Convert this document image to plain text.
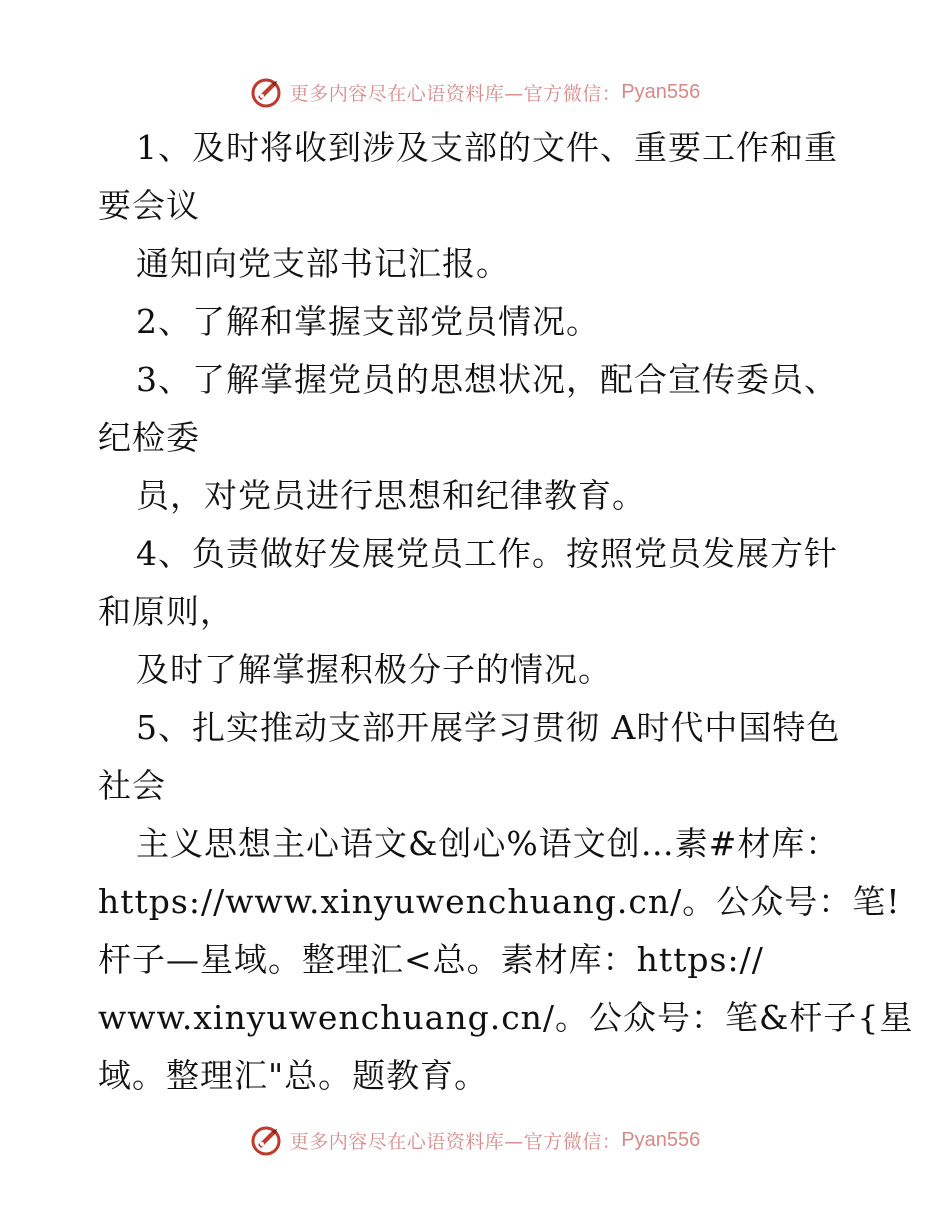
更多内容尽在心语资料库—官方微信： Pyan556
1、及时将收到涉及支部的文件、重要工作和重
要会议
通知向党支部书记汇报。
2、了解和掌握支部党员情况。
3、了解掌握党员的思想状况，配合宣传委员、
纪检委
员，对党员进行思想和纪律教育。
4、负责做好发展党员工作。按照党员发展方针
和原则，
及时了解掌握积极分子的情况。
5、扎实推动支部开展学习贯彻 A时代中国特色
社会
主义思想主心语文&创心%语文创…素#材库：
https://www.xinyuwenchuang.cn/。公众号：笔!
杆子—星域。整理汇<总。素材库：https://
www.xinyuwenchuang.cn/。公众号：笔&杆子{星
域。整理汇"总。题教育。
更多内容尽在心语资料库—官方微信： Pyan556
